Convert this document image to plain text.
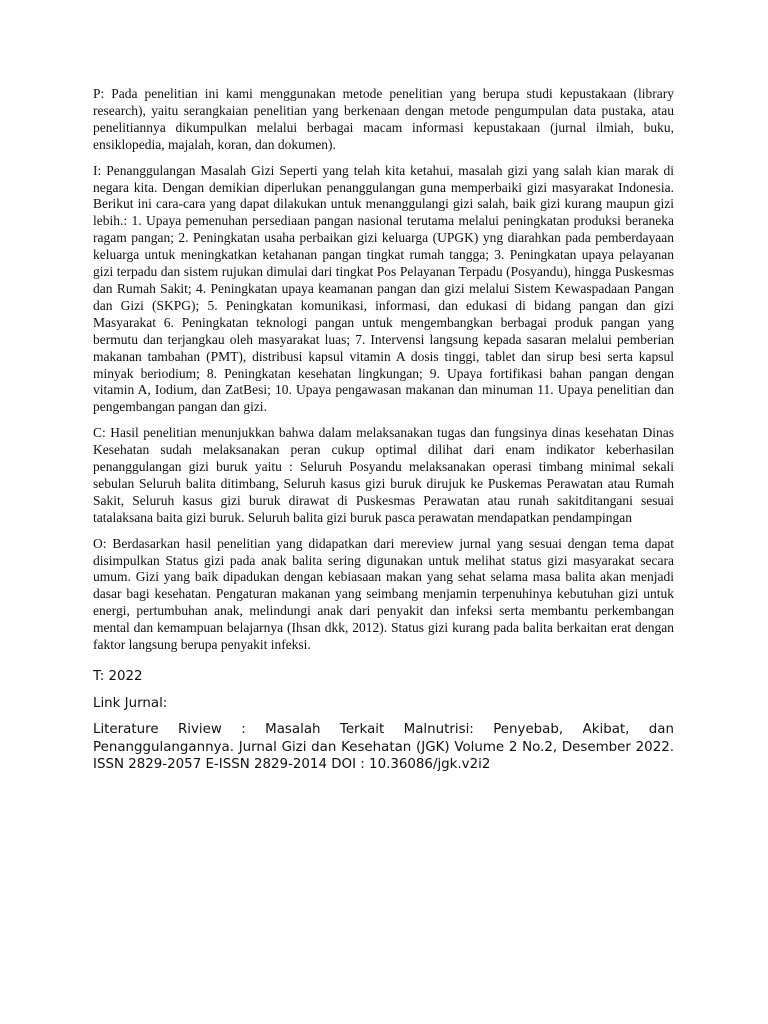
P: Pada penelitian ini kami menggunakan metode penelitian yang berupa studi kepustakaan (library research), yaitu serangkaian penelitian yang berkenaan dengan metode pengumpulan data pustaka, atau penelitiannya dikumpulkan melalui berbagai macam informasi kepustakaan (jurnal ilmiah, buku, ensiklopedia, majalah, koran, dan dokumen).

I: Penanggulangan Masalah Gizi Seperti yang telah kita ketahui, masalah gizi yang salah kian marak di negara kita. Dengan demikian diperlukan penanggulangan guna memperbaiki gizi masyarakat Indonesia. Berikut ini cara-cara yang dapat dilakukan untuk menanggulangi gizi salah, baik gizi kurang maupun gizi lebih.: 1. Upaya pemenuhan persediaan pangan nasional terutama melalui peningkatan produksi beraneka ragam pangan; 2. Peningkatan usaha perbaikan gizi keluarga (UPGK) yng diarahkan pada pemberdayaan keluarga untuk meningkatkan ketahanan pangan tingkat rumah tangga; 3. Peningkatan upaya pelayanan gizi terpadu dan sistem rujukan dimulai dari tingkat Pos Pelayanan Terpadu (Posyandu), hingga Puskesmas dan Rumah Sakit; 4. Peningkatan upaya keamanan pangan dan gizi melalui Sistem Kewaspadaan Pangan dan Gizi (SKPG); 5. Peningkatan komunikasi, informasi, dan edukasi di bidang pangan dan gizi Masyarakat 6. Peningkatan teknologi pangan untuk mengembangkan berbagai produk pangan yang bermutu dan terjangkau oleh masyarakat luas; 7. Intervensi langsung kepada sasaran melalui pemberian makanan tambahan (PMT), distribusi kapsul vitamin A dosis tinggi, tablet dan sirup besi serta kapsul minyak beriodium; 8. Peningkatan kesehatan lingkungan; 9. Upaya fortifikasi bahan pangan dengan vitamin A, Iodium, dan ZatBesi; 10. Upaya pengawasan makanan dan minuman 11. Upaya penelitian dan pengembangan pangan dan gizi.

C: Hasil penelitian menunjukkan bahwa dalam melaksanakan tugas dan fungsinya dinas kesehatan Dinas Kesehatan sudah melaksanakan peran cukup optimal dilihat dari enam indikator keberhasilan penanggulangan gizi buruk yaitu : Seluruh Posyandu melaksanakan operasi timbang minimal sekali sebulan Seluruh balita ditimbang, Seluruh kasus gizi buruk dirujuk ke Puskemas Perawatan atau Rumah Sakit, Seluruh kasus gizi buruk dirawat di Puskesmas Perawatan atau runah sakitditangani sesuai tatalaksana baita gizi buruk. Seluruh balita gizi buruk pasca perawatan mendapatkan pendampingan

O: Berdasarkan hasil penelitian yang didapatkan dari mereview jurnal yang sesuai dengan tema dapat disimpulkan Status gizi pada anak balita sering digunakan untuk melihat status gizi masyarakat secara umum. Gizi yang baik dipadukan dengan kebiasaan makan yang sehat selama masa balita akan menjadi dasar bagi kesehatan. Pengaturan makanan yang seimbang menjamin terpenuhinya kebutuhan gizi untuk energi, pertumbuhan anak, melindungi anak dari penyakit dan infeksi serta membantu perkembangan mental dan kemampuan belajarnya (Ihsan dkk, 2012). Status gizi kurang pada balita berkaitan erat dengan faktor langsung berupa penyakit infeksi.

T: 2022

Link Jurnal:

Literature Riview : Masalah Terkait Malnutrisi: Penyebab, Akibat, dan Penanggulangannya. Jurnal Gizi dan Kesehatan (JGK) Volume 2 No.2, Desember 2022. ISSN 2829-2057 E-ISSN 2829-2014 DOI : 10.36086/jgk.v2i2
